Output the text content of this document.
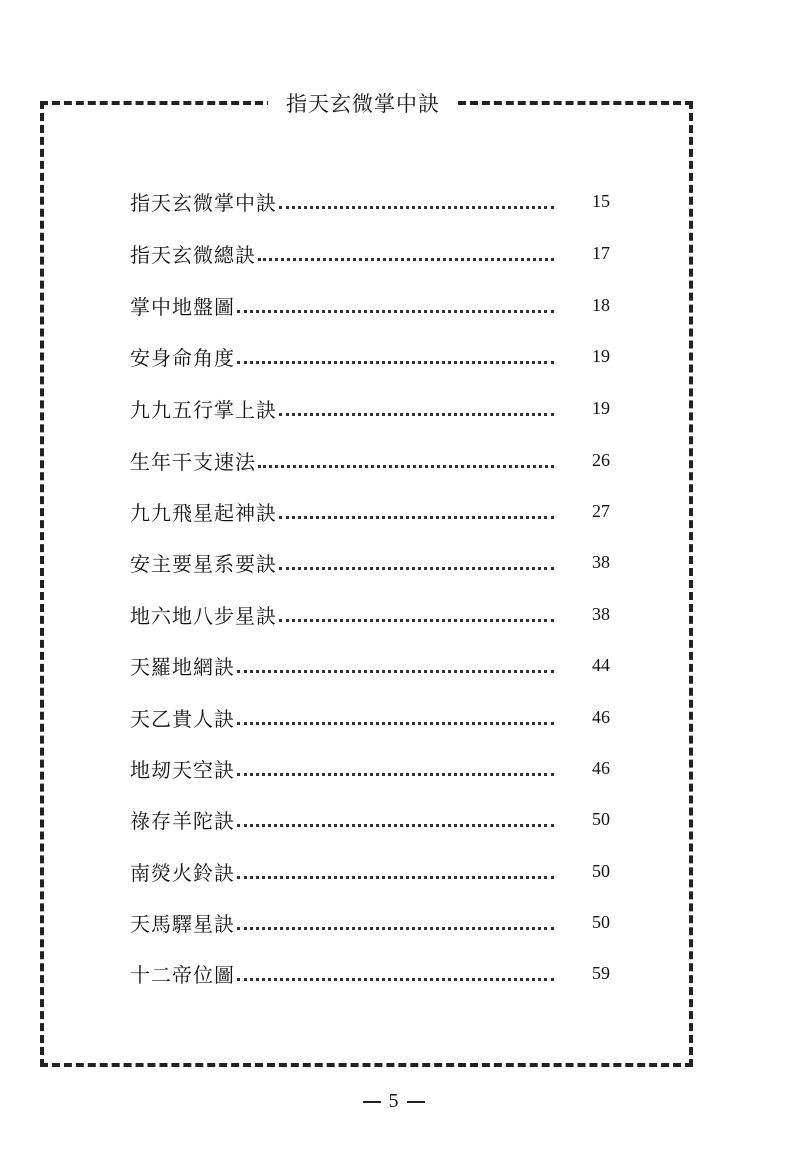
指天玄微掌中訣
指天玄微掌中訣	15
指天玄微總訣	17
掌中地盤圖	18
安身命角度	19
九九五行掌上訣	19
生年干支速法	26
九九飛星起神訣	27
安主要星系要訣	38
地六地八步星訣	38
天羅地網訣	44
天乙貴人訣	46
地刼天空訣	46
祿存羊陀訣	50
南熒火鈴訣	50
天馬驛星訣	50
十二帝位圖	59
5
